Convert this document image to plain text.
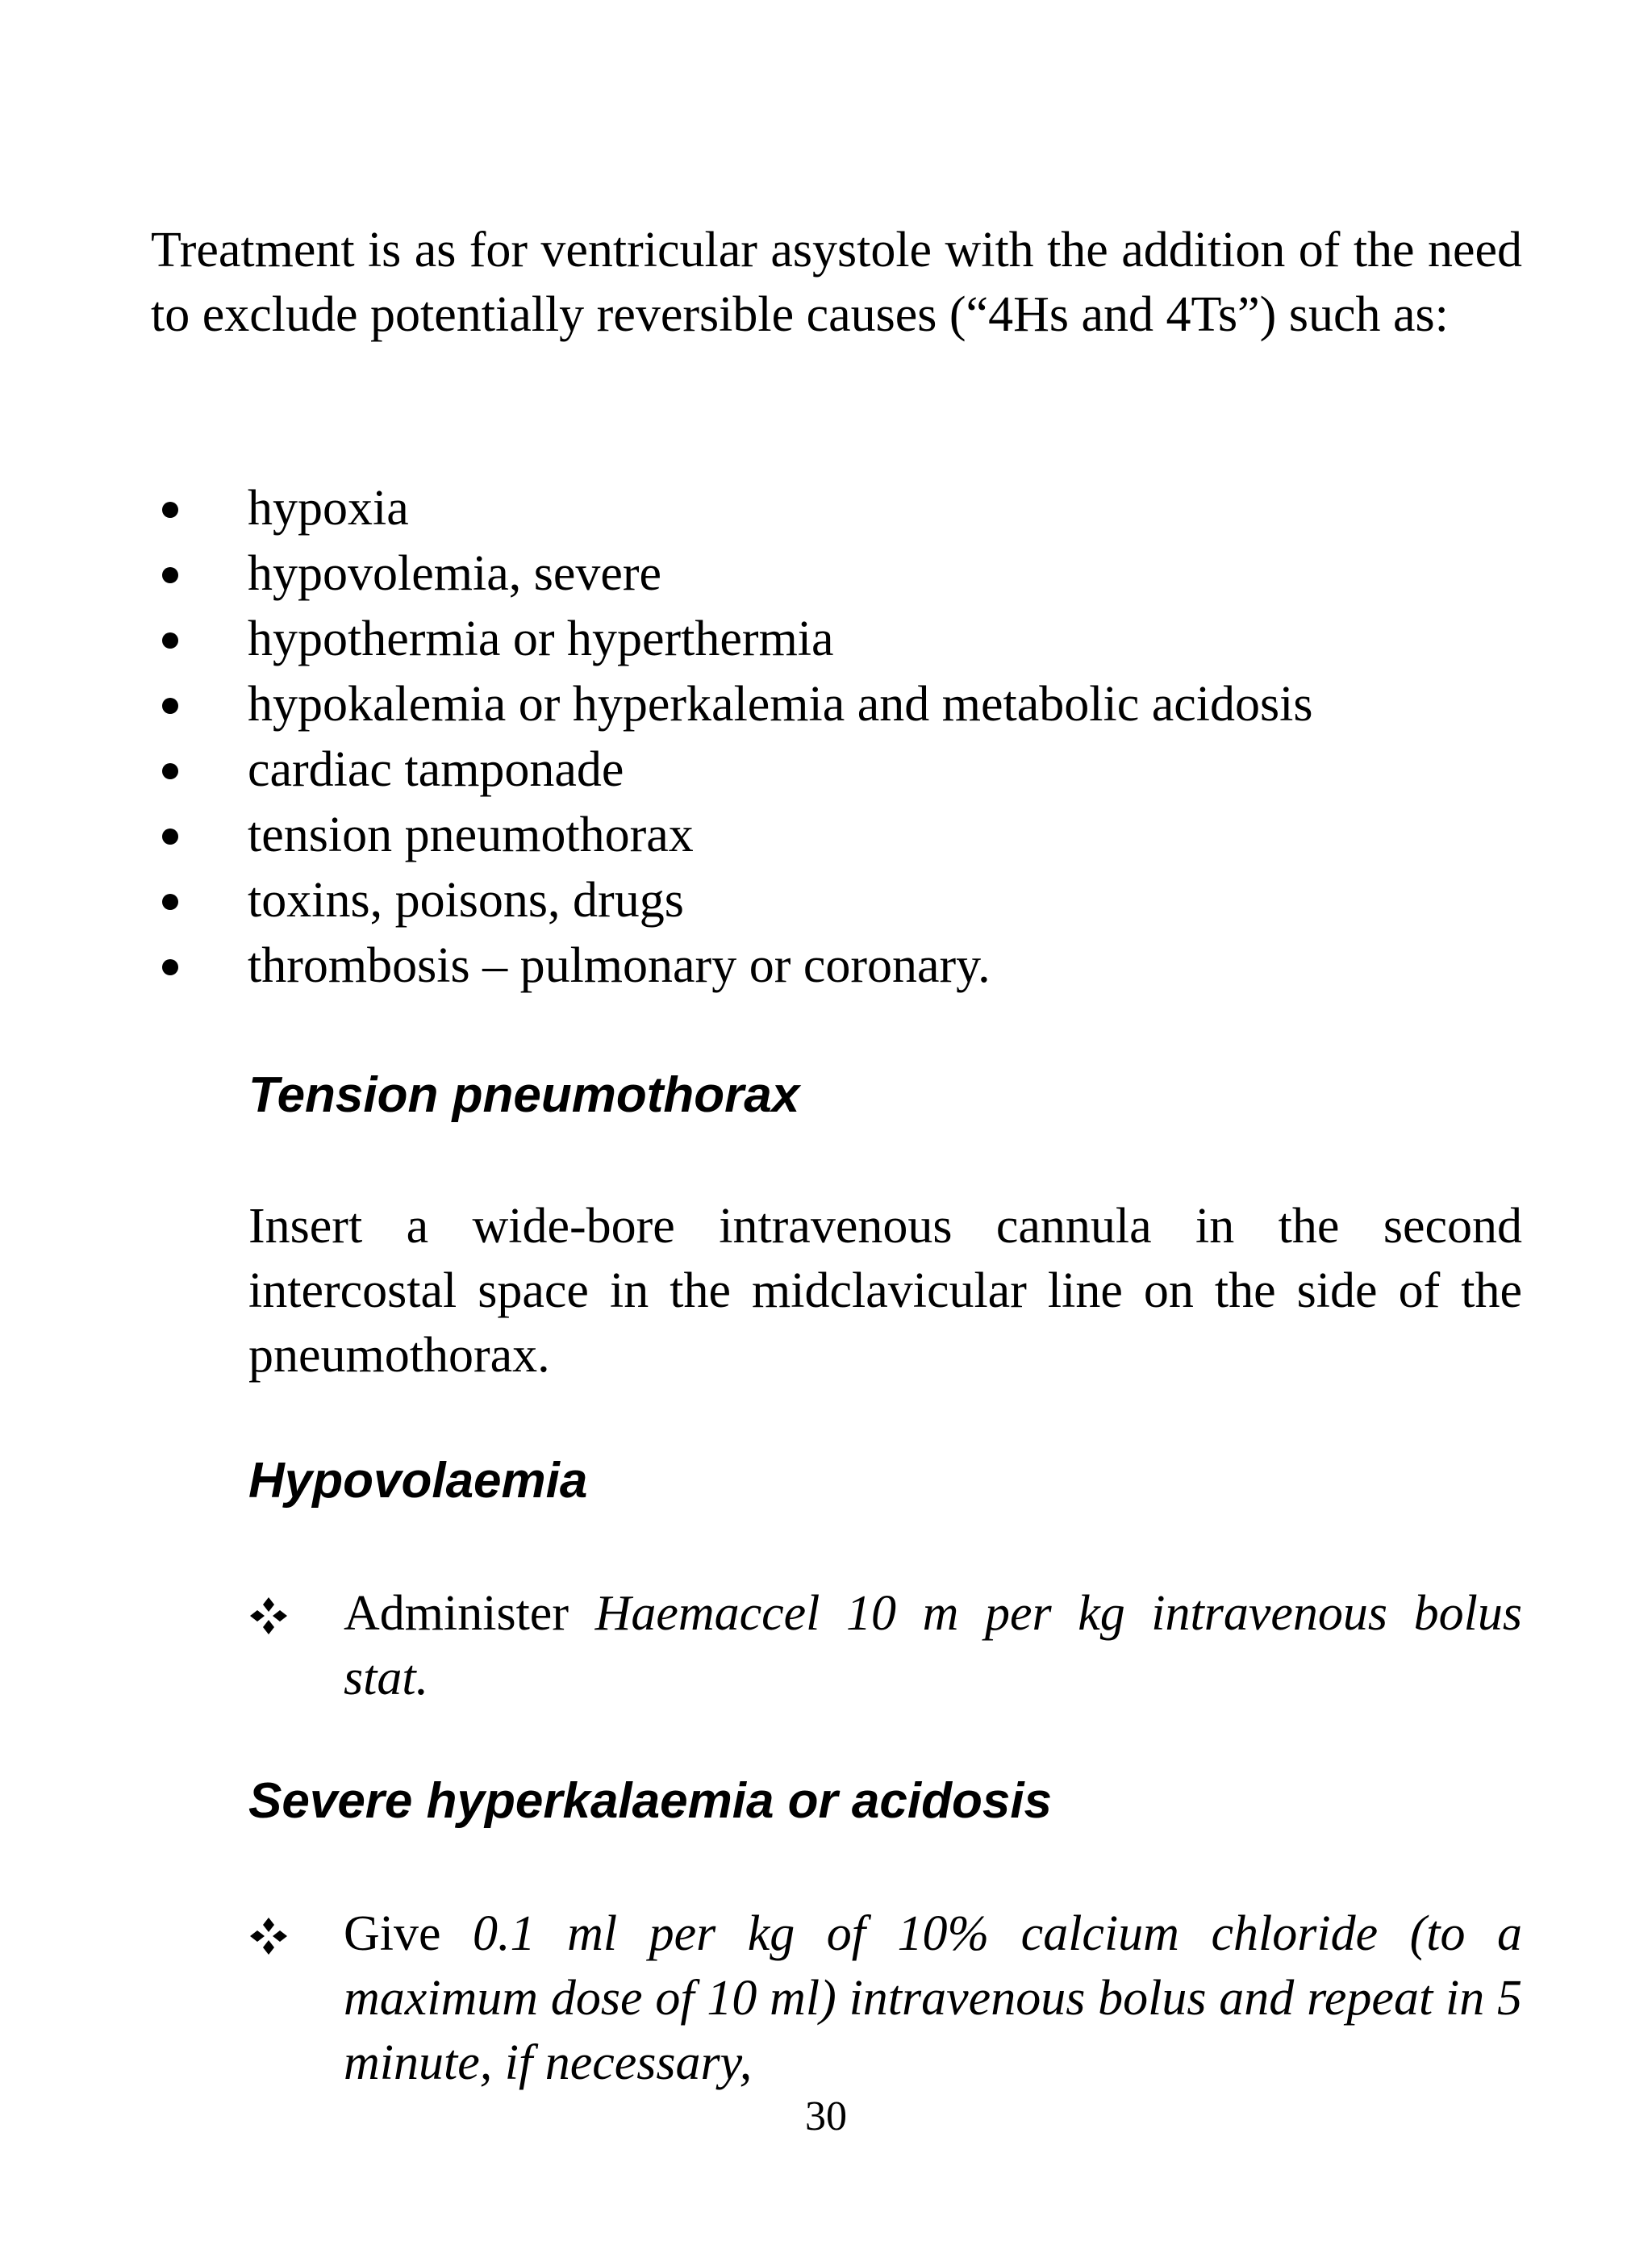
Treatment is as for ventricular asystole with the addition of the need to exclude potentially reversible causes (“4Hs and 4Ts”) such as:

hypoxia
hypovolemia, severe
hypothermia or hyperthermia
hypokalemia or hyperkalemia and metabolic acidosis
cardiac tamponade
tension pneumothorax
toxins, poisons, drugs
thrombosis – pulmonary or coronary.
Tension pneumothorax

Insert a wide-bore intravenous cannula in the second intercostal space in the midclavicular line on the side of the pneumothorax.

Hypovolaemia
Administer Haemaccel 10 m per kg intravenous bolus stat.
Severe hyperkalaemia or acidosis
Give 0.1 ml per kg of 10% calcium chloride (to a maximum dose of 10 ml) intravenous bolus and repeat in 5 minute, if necessary,
30
